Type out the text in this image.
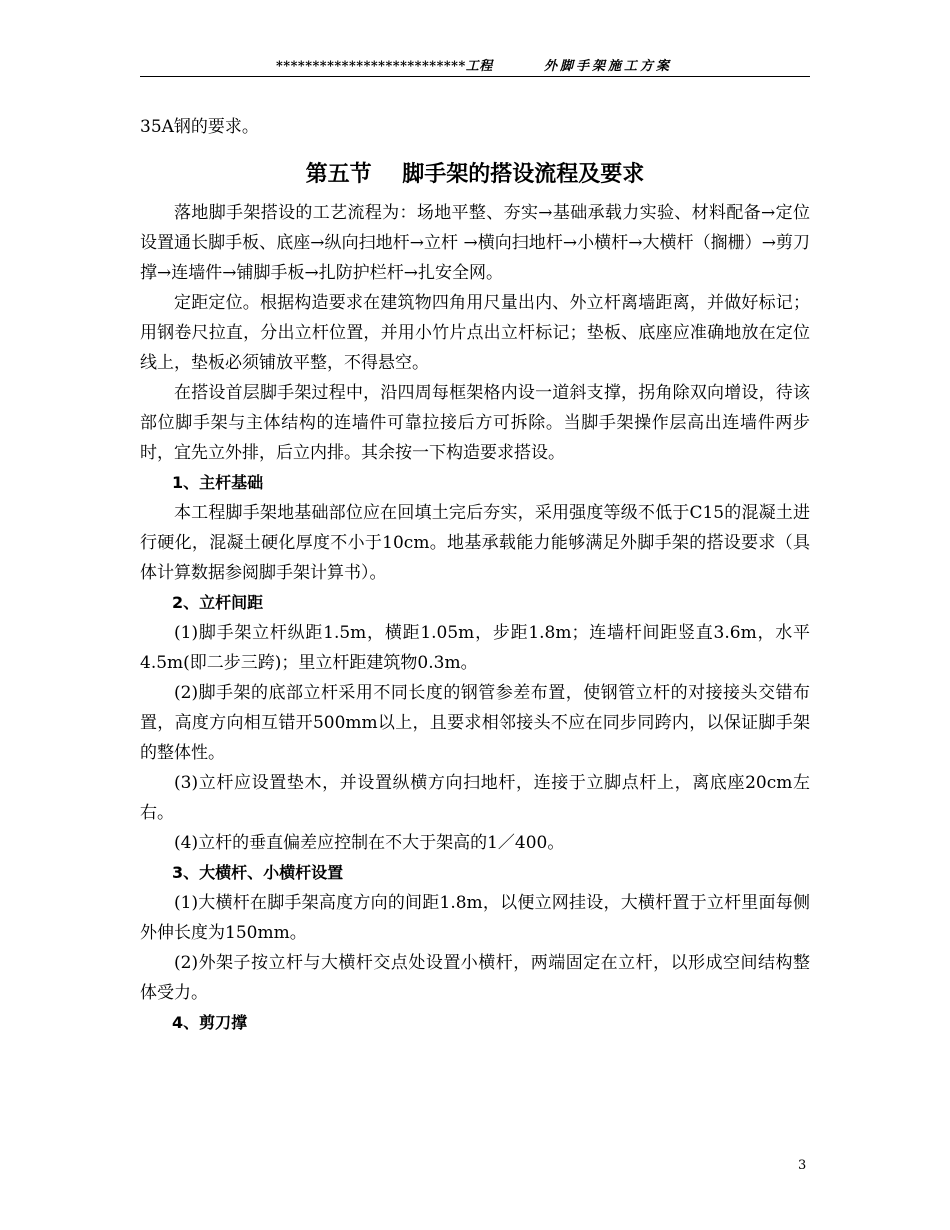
**************************工程	外脚手架施工方案

35A钢的要求。

第五节    脚手架的搭设流程及要求

落地脚手架搭设的工艺流程为：场地平整、夯实→基础承载力实验、材料配备→定位设置通长脚手板、底座→纵向扫地杆→立杆 →横向扫地杆→小横杆→大横杆（搁栅）→剪刀撑→连墙件→铺脚手板→扎防护栏杆→扎安全网。

定距定位。根据构造要求在建筑物四角用尺量出内、外立杆离墙距离，并做好标记；用钢卷尺拉直，分出立杆位置，并用小竹片点出立杆标记；垫板、底座应准确地放在定位线上，垫板必须铺放平整，不得悬空。

在搭设首层脚手架过程中，沿四周每框架格内设一道斜支撑，拐角除双向增设，待该部位脚手架与主体结构的连墙件可靠拉接后方可拆除。当脚手架操作层高出连墙件两步时，宜先立外排，后立内排。其余按一下构造要求搭设。

1、主杆基础

本工程脚手架地基础部位应在回填土完后夯实，采用强度等级不低于C15的混凝土进行硬化，混凝土硬化厚度不小于10cm。地基承载能力能够满足外脚手架的搭设要求（具体计算数据参阅脚手架计算书）。

2、立杆间距

(1)脚手架立杆纵距1.5m，横距1.05m，步距1.8m；连墙杆间距竖直3.6m，水平4.5m(即二步三跨)；里立杆距建筑物0.3m。

(2)脚手架的底部立杆采用不同长度的钢管参差布置，使钢管立杆的对接接头交错布置，高度方向相互错开500mm以上，且要求相邻接头不应在同步同跨内，以保证脚手架的整体性。

(3)立杆应设置垫木，并设置纵横方向扫地杆，连接于立脚点杆上，离底座20cm左右。

(4)立杆的垂直偏差应控制在不大于架高的1／400。

3、大横杆、小横杆设置

(1)大横杆在脚手架高度方向的间距1.8m，以便立网挂设，大横杆置于立杆里面每侧外伸长度为150mm。

(2)外架子按立杆与大横杆交点处设置小横杆，两端固定在立杆，以形成空间结构整体受力。

4、剪刀撑

3
